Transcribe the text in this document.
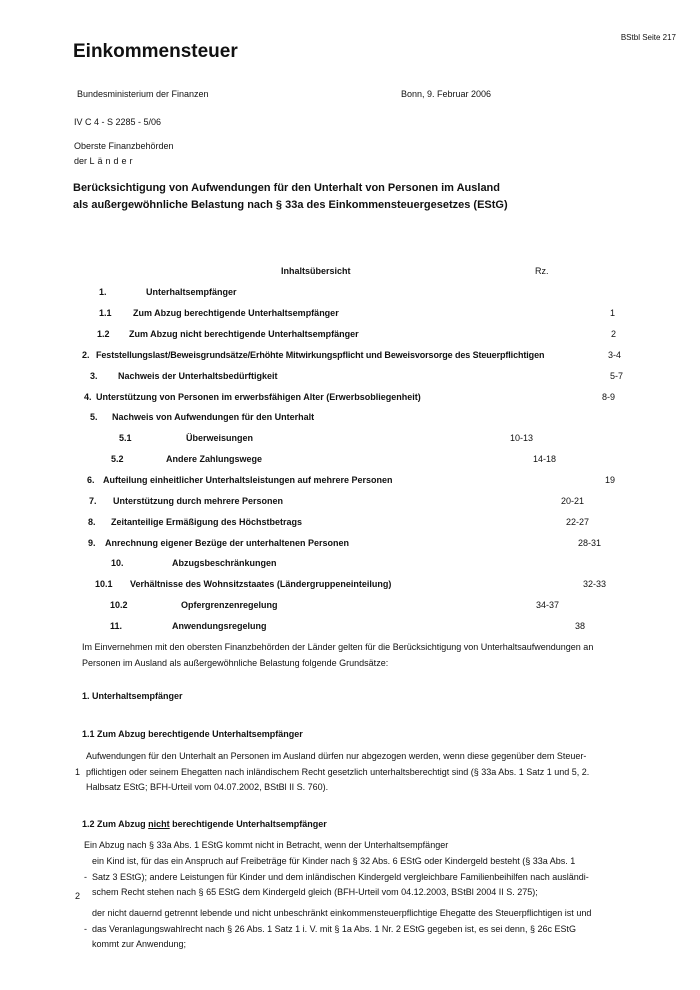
BStbl Seite 217
Einkommensteuer
Bundesministerium der Finanzen	Bonn, 9. Februar 2006
IV C 4 - S 2285 - 5/06
Oberste Finanzbehörden
der Länder
Berücksichtigung von Aufwendungen für den Unterhalt von Personen im Ausland
als außergewöhnliche Belastung nach § 33a des Einkommensteuergesetzes (EStG)
Inhaltsübersicht	Rz.
1.	Unterhaltsempfänger
1.1 Zum Abzug berechtigende Unterhaltsempfänger	1
1.2 Zum Abzug nicht berechtigende Unterhaltsempfänger	2
2. Feststellungslast/Beweisgrundsätze/Erhöhte Mitwirkungspflicht und Beweisvorsorge des Steuerpflichtigen	3-4
3. Nachweis der Unterhaltsbedürftigkeit	5-7
4. Unterstützung von Personen im erwerbsfähigen Alter (Erwerbsobliegenheit)	8-9
5. Nachweis von Aufwendungen für den Unterhalt
5.1	Überweisungen	10-13
5.2	Andere Zahlungswege	14-18
6. Aufteilung einheitlicher Unterhaltsleistungen auf mehrere Personen	19
7. Unterstützung durch mehrere Personen	20-21
8. Zeitanteilige Ermäßigung des Höchstbetrags	22-27
9. Anrechnung eigener Bezüge der unterhaltenen Personen	28-31
10.	Abzugsbeschränkungen
10.1 Verhältnisse des Wohnsitzstaates (Ländergruppeneinteilung)	32-33
10.2	Opfergrenzenregelung	34-37
11.	Anwendungsregelung	38
Im Einvernehmen mit den obersten Finanzbehörden der Länder gelten für die Berücksichtigung von Unterhaltsaufwendungen an
Personen im Ausland als außergewöhnliche Belastung folgende Grundsätze:
1. Unterhaltsempfänger
1.1 Zum Abzug berechtigende Unterhaltsempfänger
1
Aufwendungen für den Unterhalt an Personen im Ausland dürfen nur abgezogen werden, wenn diese gegenüber dem Steuer-
pflichtigen oder seinem Ehegatten nach inländischem Recht gesetzlich unterhaltsberechtigt sind (§ 33a Abs. 1 Satz 1 und 5, 2.
Halbsatz EStG; BFH-Urteil vom 04.07.2002, BStBl II S. 760).
1.2 Zum Abzug nicht berechtigende Unterhaltsempfänger
Ein Abzug nach § 33a Abs. 1 EStG kommt nicht in Betracht, wenn der Unterhaltsempfänger
2
-
ein Kind ist, für das ein Anspruch auf Freibeträge für Kinder nach § 32 Abs. 6 EStG oder Kindergeld besteht (§ 33a Abs. 1
Satz 3 EStG); andere Leistungen für Kinder und dem inländischen Kindergeld vergleichbare Familienbeihilfen nach ausländi-
schem Recht stehen nach § 65 EStG dem Kindergeld gleich (BFH-Urteil vom 04.12.2003, BStBl 2004 II S. 275);
-
der nicht dauernd getrennt lebende und nicht unbeschränkt einkommensteuerpflichtige Ehegatte des Steuerpflichtigen ist und
das Veranlagungswahlrecht nach § 26 Abs. 1 Satz 1 i. V. mit § 1a Abs. 1 Nr. 2 EStG gegeben ist, es sei denn, § 26c EStG
kommt zur Anwendung;
